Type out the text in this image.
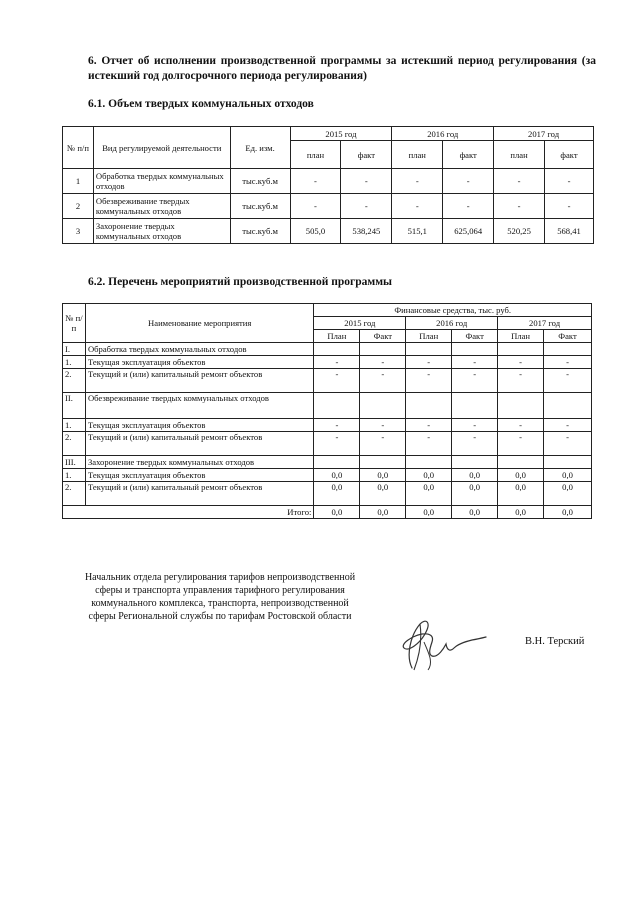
6. Отчет об исполнении производственной программы за истекший период регулирования (за истекший год долгосрочного периода регулирования)
6.1. Объем твердых коммунальных отходов
№ п/п	Вид регулируемой деятельности	Ед. изм.	2015 год		2016 год		2017 год	
			план	факт	план	факт	план	факт
1	Обработка твердых коммунальных отходов	тыс.куб.м	-	-	-	-	-	-
2	Обезвреживание твердых коммунальных отходов	тыс.куб.м	-	-	-	-	-	-
3	Захоронение твердых коммунальных отходов	тыс.куб.м	505,0	538,245	515,1	625,064	520,25	568,41
6.2. Перечень мероприятий производственной программы
№ п/п	Наименование мероприятия	Финансовые средства, тыс. руб.					
		2015 год		2016 год		2017 год	
		План	Факт	План	Факт	План	Факт
I.	Обработка твердых коммунальных отходов						
1.	Текущая эксплуатация объектов	-	-	-	-	-	-
2.	Текущий и (или) капитальный ремонт объектов	-	-	-	-	-	-
II.	Обезвреживание твердых коммунальных отходов						
1.	Текущая эксплуатация объектов	-	-	-	-	-	-
2.	Текущий и (или) капитальный ремонт объектов	-	-	-	-	-	-
III.	Захоронение твердых коммунальных отходов						
1.	Текущая эксплуатация объектов	0,0	0,0	0,0	0,0	0,0	0,0
2.	Текущий и (или) капитальный ремонт объектов	0,0	0,0	0,0	0,0	0,0	0,0
Итого:		0,0	0,0	0,0	0,0	0,0	0,0
Начальник отдела регулирования тарифов непроизводственной сферы и транспорта управления тарифного регулирования коммунального комплекса, транспорта, непроизводственной сферы Региональной службы по тарифам Ростовской области
В.Н. Терский
